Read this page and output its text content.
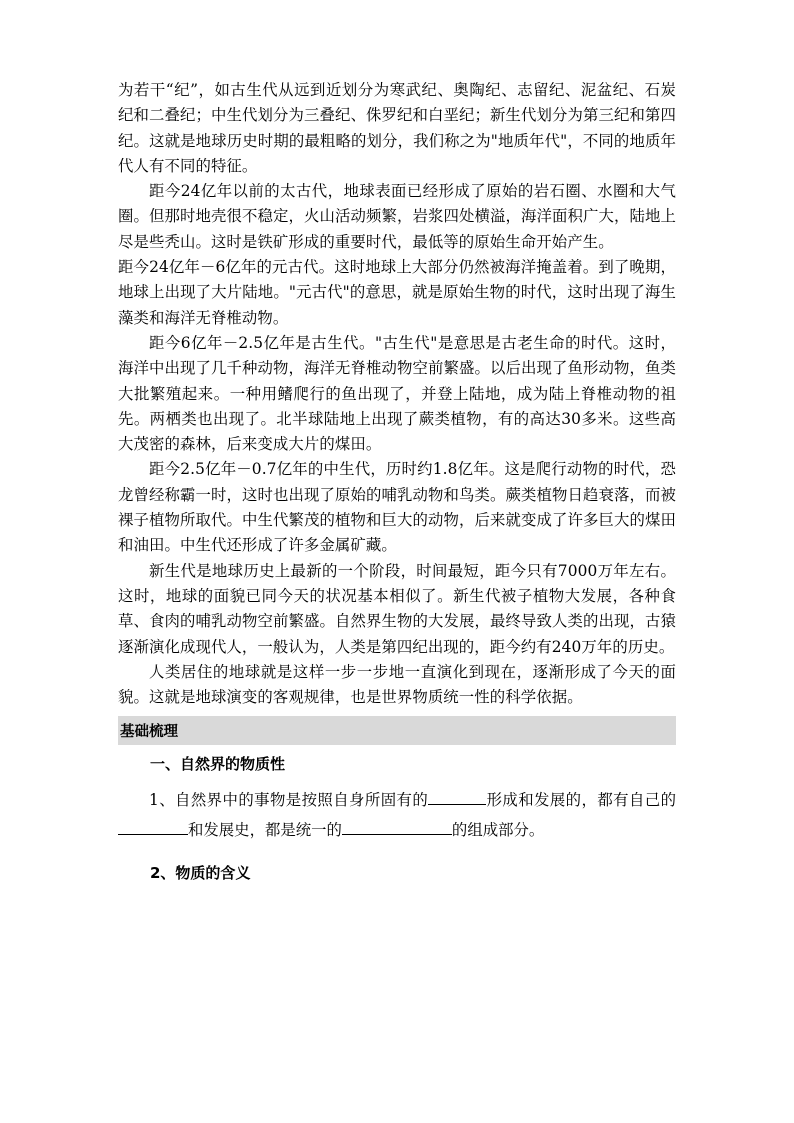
为若干“纪”，如古生代从远到近划分为寒武纪、奥陶纪、志留纪、泥盆纪、石炭纪和二叠纪；中生代划分为三叠纪、侏罗纪和白垩纪；新生代划分为第三纪和第四纪。这就是地球历史时期的最粗略的划分，我们称之为"地质年代"，不同的地质年代人有不同的特征。

距今24亿年以前的太古代，地球表面已经形成了原始的岩石圈、水圈和大气圈。但那时地壳很不稳定，火山活动频繁，岩浆四处横溢，海洋面积广大，陆地上尽是些秃山。这时是铁矿形成的重要时代，最低等的原始生命开始产生。

距今24亿年－6亿年的元古代。这时地球上大部分仍然被海洋掩盖着。到了晚期，地球上出现了大片陆地。"元古代"的意思，就是原始生物的时代，这时出现了海生藻类和海洋无脊椎动物。

距今6亿年－2.5亿年是古生代。"古生代"是意思是古老生命的时代。这时，海洋中出现了几千种动物，海洋无脊椎动物空前繁盛。以后出现了鱼形动物，鱼类大批繁殖起来。一种用鳍爬行的鱼出现了，并登上陆地，成为陆上脊椎动物的祖先。两栖类也出现了。北半球陆地上出现了蕨类植物，有的高达30多米。这些高大茂密的森林，后来变成大片的煤田。

距今2.5亿年－0.7亿年的中生代，历时约1.8亿年。这是爬行动物的时代，恐龙曾经称霸一时，这时也出现了原始的哺乳动物和鸟类。蕨类植物日趋衰落，而被裸子植物所取代。中生代繁茂的植物和巨大的动物，后来就变成了许多巨大的煤田和油田。中生代还形成了许多金属矿藏。

新生代是地球历史上最新的一个阶段，时间最短，距今只有7000万年左右。这时，地球的面貌已同今天的状况基本相似了。新生代被子植物大发展，各种食草、食肉的哺乳动物空前繁盛。自然界生物的大发展，最终导致人类的出现，古猿逐渐演化成现代人，一般认为，人类是第四纪出现的，距今约有240万年的历史。

人类居住的地球就是这样一步一步地一直演化到现在，逐渐形成了今天的面貌。这就是地球演变的客观规律，也是世界物质统一性的科学依据。

基础梳理

一、自然界的物质性

1、自然界中的事物是按照自身所固有的	形成和发展的，都有自己的和发展史，都是统一的	的组成部分。

2、物质的含义
